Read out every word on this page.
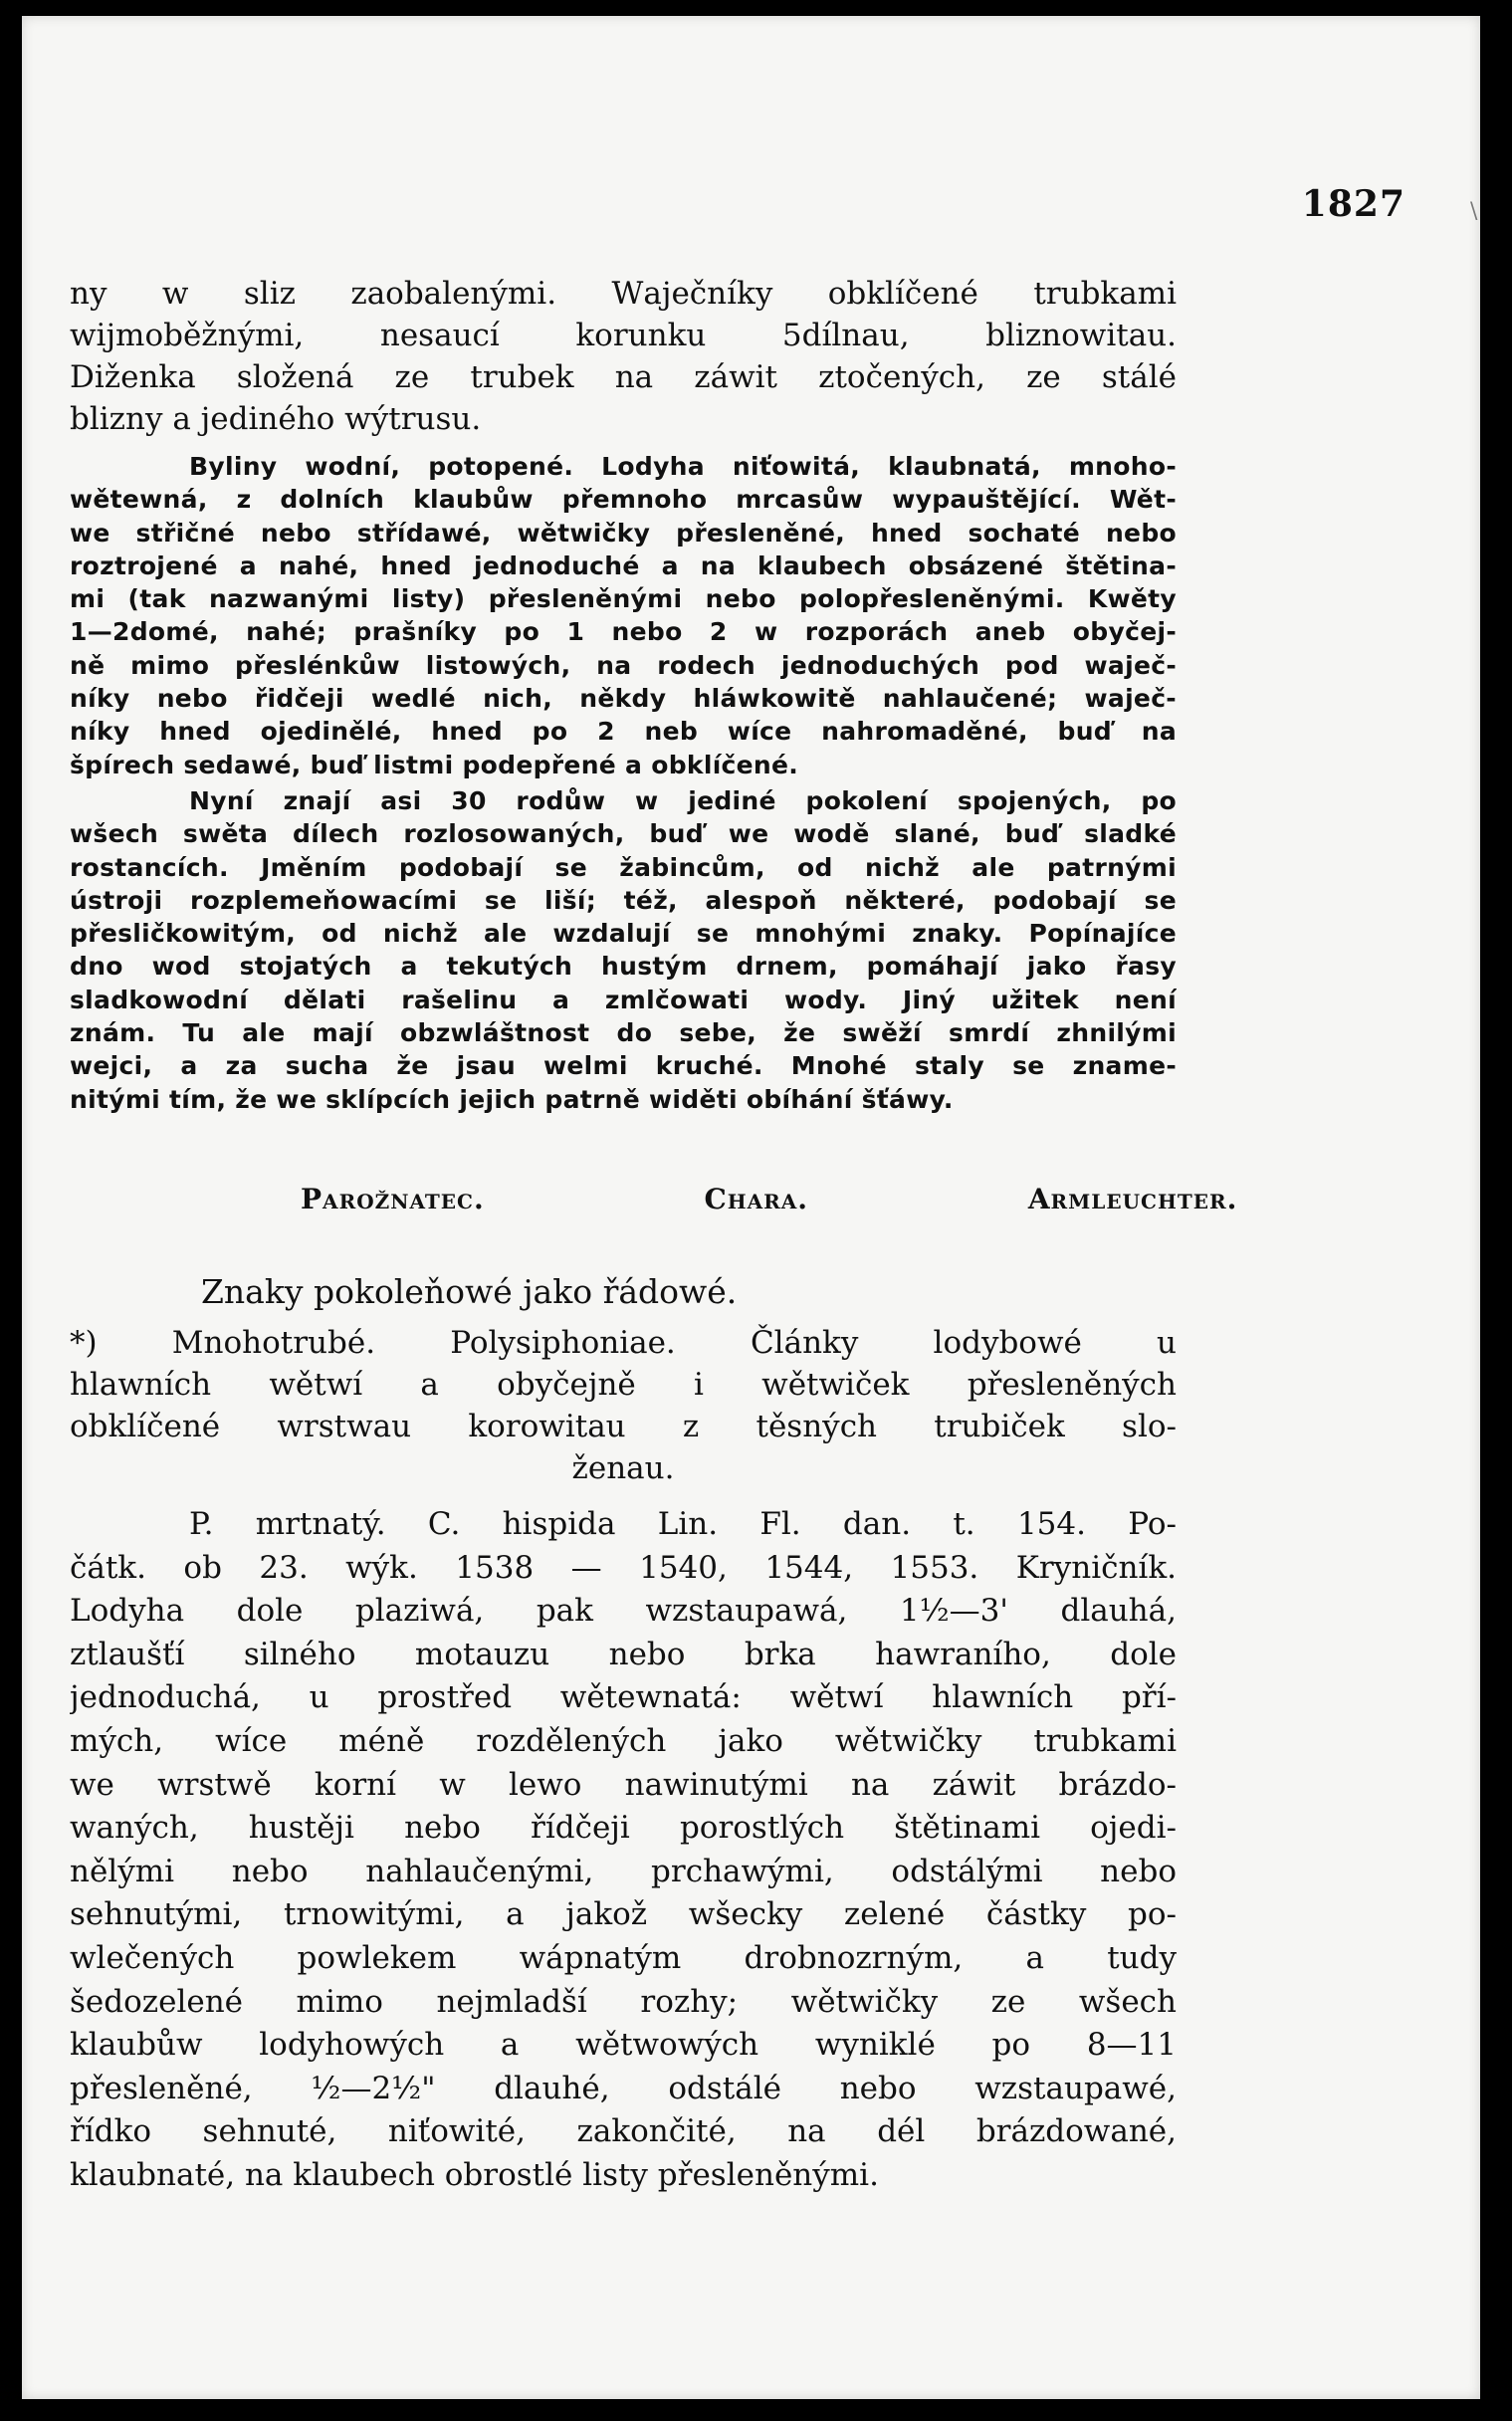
1827
ny w sliz zaobalenými. Wаječníky obklíčené trubkami
wijmoběžnými, nesaucí korunku 5dílnau, bliznowitau.
Dižеnka složená ze trubek na záwit ztočených, ze stálé
blizny a jediného wýtrusu.
Byliny wodní, potopené. Lodyha niťowitá, klaubnatá, mnoho-
wětewná, z dolních klaubůw přemnoho mrcasůw wypauštějící. Wět-
we střičné nebo střídawé, wětwičky přeslеněné, hned sochaté nebo
roztrojené a nahé, hned jednoduché a na klaubech obsázené štětina-
mi (tak nazwanými listy) přesleněnými nebo polopřesleněnými. Kwěty
1—2domé, nahé; prašníky po 1 nebo 2 w rozporách aneb obyčej-
ně mimo přeslénkůw listowých, na rodech jednoduchých pod wаječ-
níky nebo řidčeji wedlé nich, někdy hláwkowitě nahlaučené; wаječ-
níky hned ojedinělé, hned po 2 neb wíce nahromaděné, buď na
špírech sedawé, buď listmi podepřené a obklíčené.
Nyní znají asi 30 rodůw w jediné pokolení spojených, po
wšech swěta dílech rozlosowaných, buď we wodě slané, buď sladké
rostancích. Jměním podobají se žabincům, od nichž ale patrnými
ústroji rozplemeňowacími se liší; též, alespoň některé, podobají se
přesličkowitým, od nichž ale wzdalují se mnohými znaky. Popínajíce
dno wod stojatých a tekutých hustým drnem, pomáhají jako řasy
sladkowodní dělati rašelinu a zmlčowati wody. Jiný užitek není
znám. Tu ale mají obzwláštnost do sebe, že swěží smrdí zhnilými
wejci, a za sucha že jsau welmi kruché. Mnohé staly se zname-
nitými tím, že we sklípcích jejich patrně widěti obíhání šťáwy.
Parožnatec.	Chara.	Armleuchter.
Znaky pokoleňowé jako řádowé.
*) Mnohotrubé. Polysiphoniae. Články lodybowé u
hlawních wětwí a obyčejně i wětwiček přesleněných
obklíčené wrstwau korowitau z těsných trubiček slo-
ženau.
P. mrtnatý. C. hispida Lin. Fl. dan. t. 154. Po-
čátk. ob 23. wýk. 1538 — 1540, 1544, 1553. Kryničník.
Lodyha dole plaziwá, pak wzstaupawá, 1½—3' dlauhá,
ztlaušťí silného motauzu nebo brka hawraního, dole
jednoduchá, u prostřed wětewnatá: wětwí hlawních pří-
mých, wíce méně rozdělených jako wětwičky trubkami
we wrstwě korní w lewo nawinutými na záwit brázdo-
waných, hustěji nebo řídčeji porostlých štětinami ojedi-
nělými nebo nahlaučenými, prchawými, odstálými nebo
sehnutými, trnowitými, a jakož wšecky zelené částky po-
wlečených powlekem wápnatým drobnozrným, a tudy
šedozelené mimo nejmladší rozhy; wětwičky ze wšech
klaubůw lodyhowých a wětwowých wyniklé po 8—11
přesleněné, ½—2½" dlauhé, odstálé nebo wzstaupawé,
řídko sehnuté, niťowité, zakončité, na dél brázdowané,
klaubnaté, na klaubech obrostlé listy přesleněnými.
\
